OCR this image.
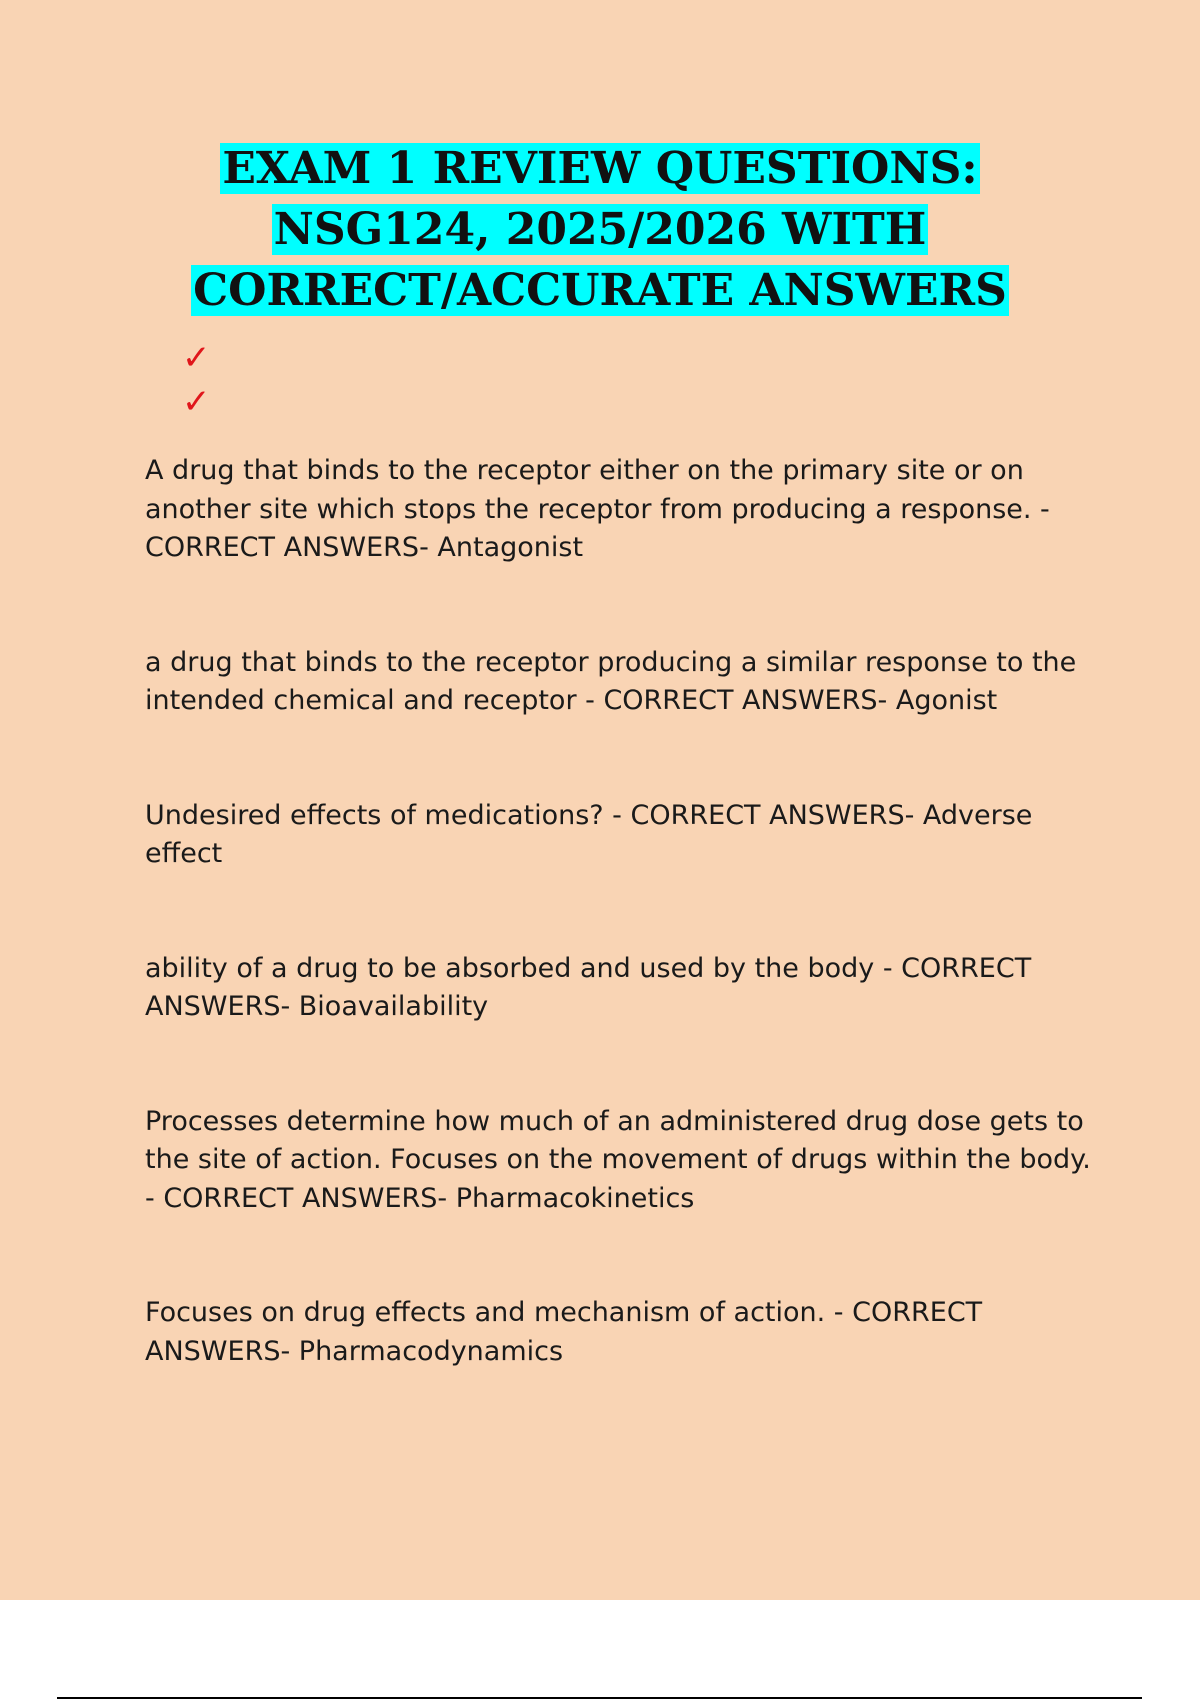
EXAM 1 REVIEW QUESTIONS:
NSG124, 2025/2026 WITH
CORRECT/ACCURATE ANSWERS
✓
✓

A drug that binds to the receptor either on the primary site or on another site which stops the receptor from producing a response. - CORRECT ANSWERS- Antagonist

a drug that binds to the receptor producing a similar response to the intended chemical and receptor - CORRECT ANSWERS- Agonist

Undesired effects of medications? - CORRECT ANSWERS- Adverse effect

ability of a drug to be absorbed and used by the body - CORRECT ANSWERS- Bioavailability

Processes determine how much of an administered drug dose gets to the site of action. Focuses on the movement of drugs within the body. - CORRECT ANSWERS- Pharmacokinetics

Focuses on drug effects and mechanism of action. - CORRECT ANSWERS- Pharmacodynamics
